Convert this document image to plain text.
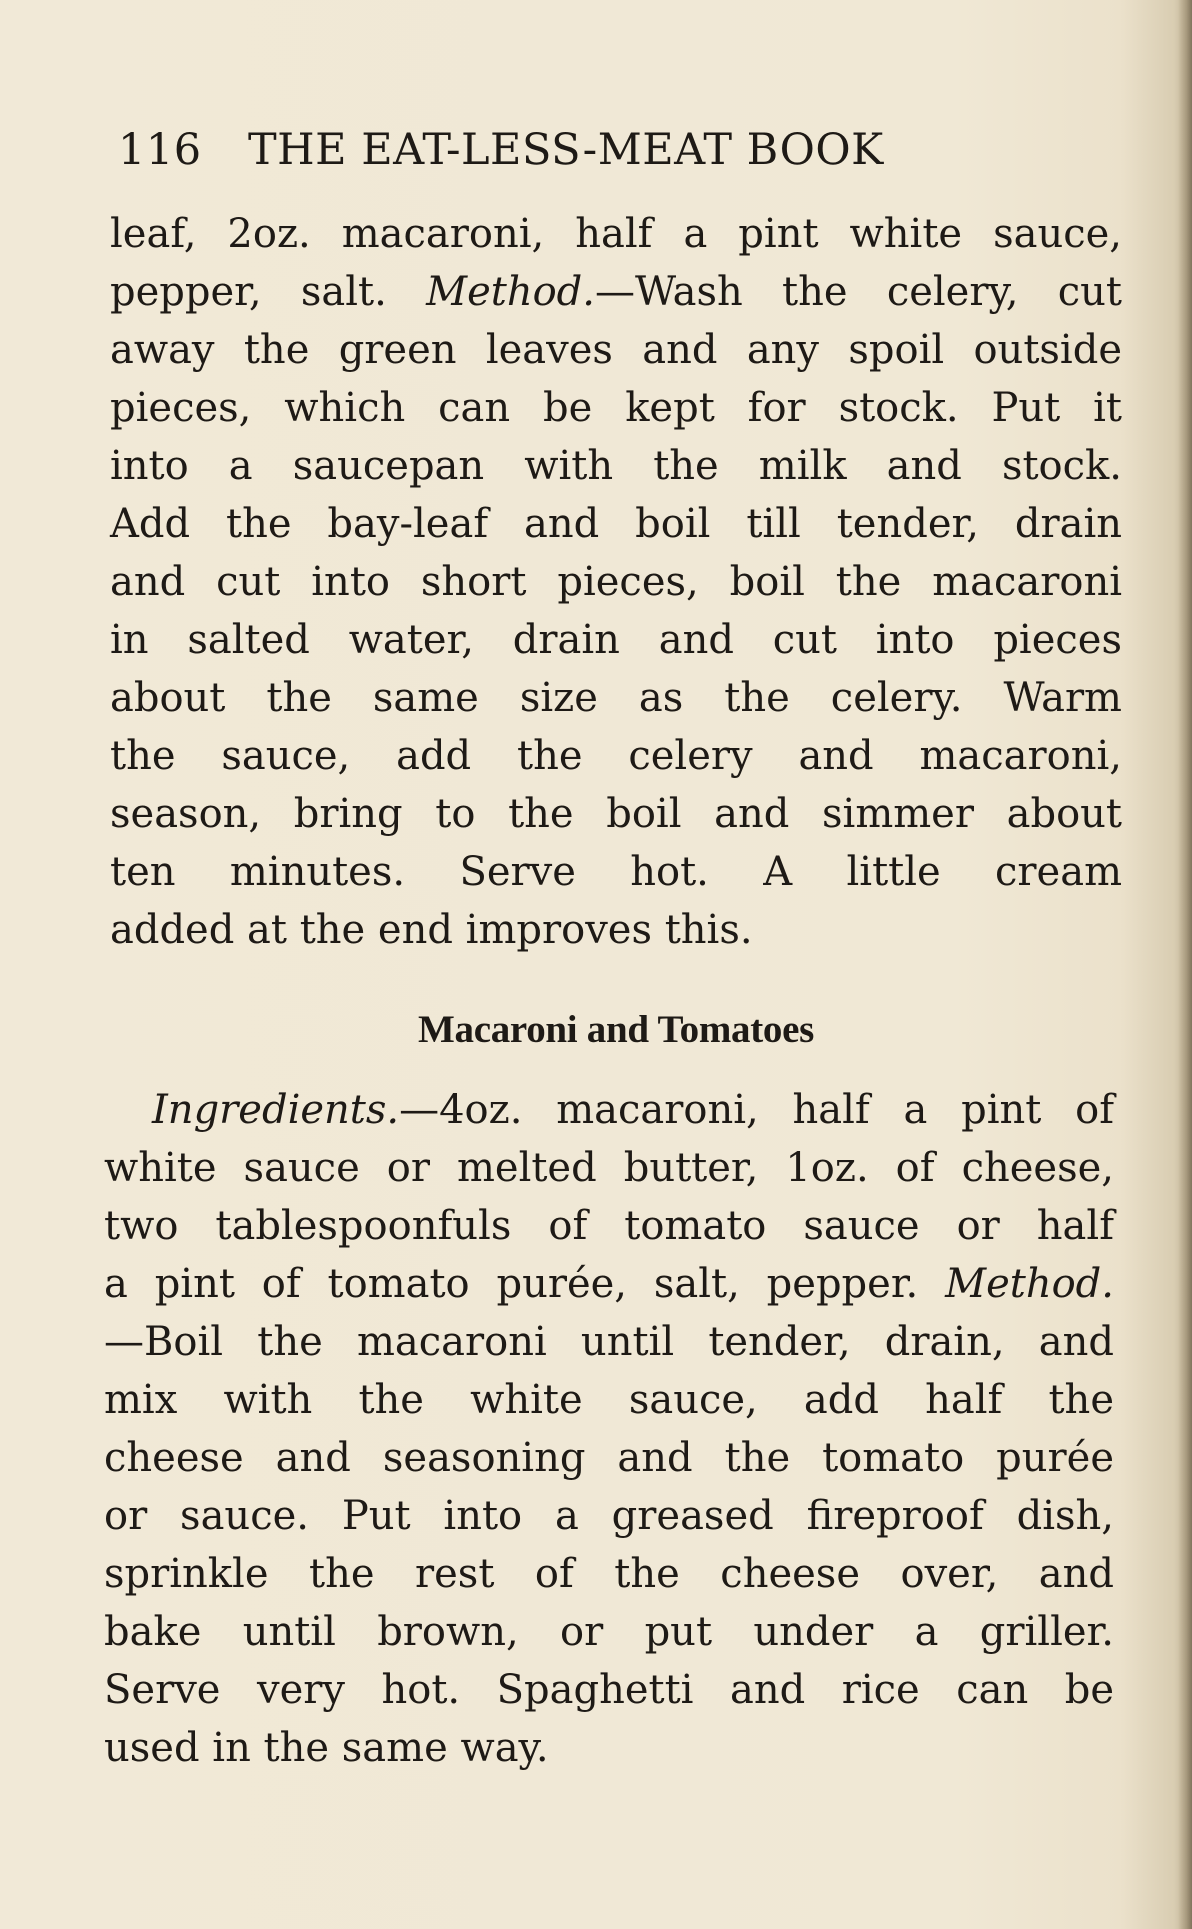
116 THE EAT-LESS-MEAT BOOK
leaf, 2oz. macaroni, half a pint white sauce,
pepper, salt. Method.—Wash the celery, cut
away the green leaves and any spoil outside
pieces, which can be kept for stock. Put it
into a saucepan with the milk and stock.
Add the bay-leaf and boil till tender, drain
and cut into short pieces, boil the macaroni
in salted water, drain and cut into pieces
about the same size as the celery. Warm
the sauce, add the celery and macaroni,
season, bring to the boil and simmer about
ten minutes. Serve hot. A little cream
added at the end improves this.
Macaroni and Tomatoes
Ingredients.—4oz. macaroni, half a pint of
white sauce or melted butter, 1oz. of cheese,
two tablespoonfuls of tomato sauce or half
a pint of tomato purée, salt, pepper. Method.
—Boil the macaroni until tender, drain, and
mix with the white sauce, add half the
cheese and seasoning and the tomato purée
or sauce. Put into a greased fireproof dish,
sprinkle the rest of the cheese over, and
bake until brown, or put under a griller.
Serve very hot. Spaghetti and rice can be
used in the same way.
